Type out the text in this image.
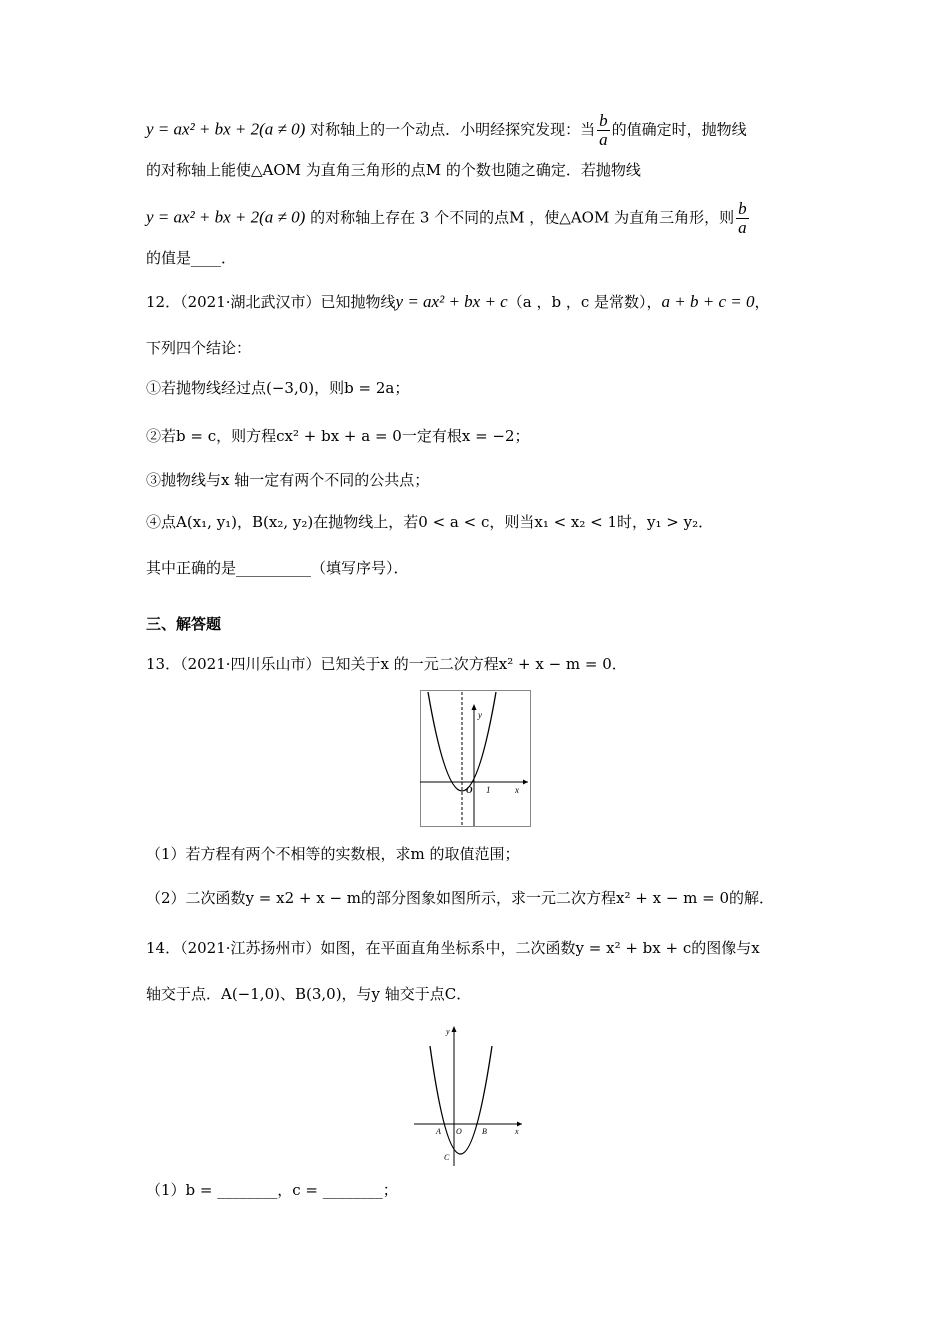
y = ax² + bx + 2(a ≠ 0) 对称轴上的一个动点．小明经探究发现：当 $\frac{b}{a}$ 的值确定时，抛物线
的对称轴上能使△AOM 为直角三角形的点M 的个数也随之确定．若抛物线
y = ax² + bx + 2(a ≠ 0) 的对称轴上存在 3 个不同的点M ，使△AOM 为直角三角形，则 $\frac{b}{a}$
的值是____．
12．（2021·湖北武汉市）已知抛物线y = ax² + bx + c（a ，b ，c 是常数），a + b + c = 0，
下列四个结论：
①若抛物线经过点(−3,0)，则b = 2a；
②若b = c，则方程cx² + bx + a = 0一定有根x = −2；
③抛物线与x 轴一定有两个不同的公共点；
④点A(x₁, y₁)，B(x₂, y₂)在抛物线上，若0 < a < c，则当x₁ < x₂ < 1时，y₁ > y₂．
其中正确的是__________（填写序号）．
三、解答题
13．（2021·四川乐山市）已知关于x 的一元二次方程x² + x − m = 0．
y
O 1	x
（1）若方程有两个不相等的实数根，求m 的取值范围；
（2）二次函数y = x2 + x − m的部分图象如图所示，求一元二次方程x² + x − m = 0的解．
14．（2021·江苏扬州市）如图，在平面直角坐标系中，二次函数y = x² + bx + c的图像与x
轴交于点．A(−1,0)、B(3,0)，与y 轴交于点C．
y
A O	B	x
C
（1）b = ________，c = ________；
